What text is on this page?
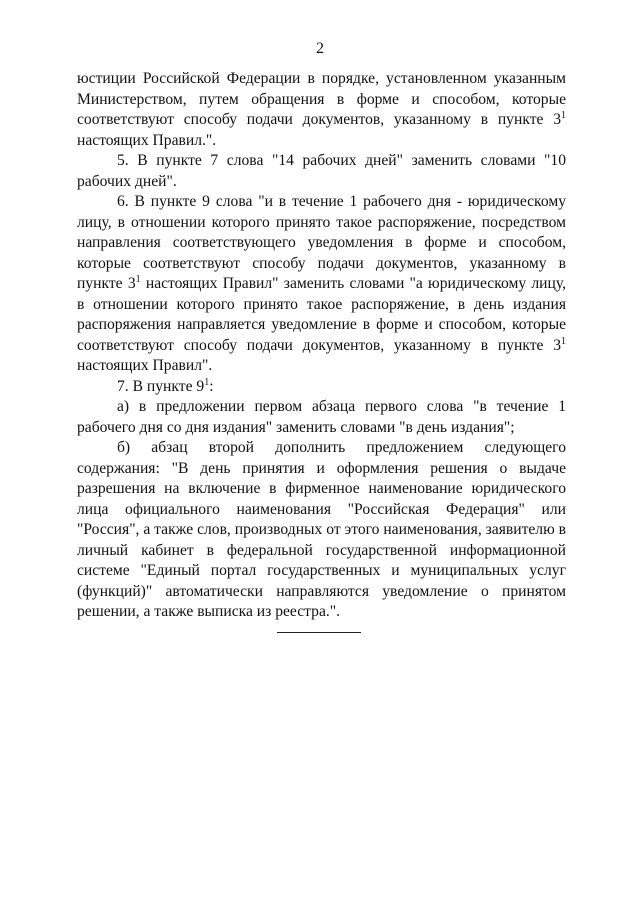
2

юстиции Российской Федерации в порядке, установленном указанным Министерством, путем обращения в форме и способом, которые соответствуют способу подачи документов, указанному в пункте $3^1$ настоящих Правил.".

5. В пункте 7 слова "14 рабочих дней" заменить словами "10 рабочих дней".

6. В пункте 9 слова "и в течение 1 рабочего дня - юридическому лицу, в отношении которого принято такое распоряжение, посредством направления соответствующего уведомления в форме и способом, которые соответствуют способу подачи документов, указанному в пункте $3^1$ настоящих Правил" заменить словами "а юридическому лицу, в отношении которого принято такое распоряжение, в день издания распоряжения направляется уведомление в форме и способом, которые соответствуют способу подачи документов, указанному в пункте $3^1$ настоящих Правил".

7. В пункте $9^1$:

а) в предложении первом абзаца первого слова "в течение 1 рабочего дня со дня издания" заменить словами "в день издания";

б) абзац второй дополнить предложением следующего содержания: "В день принятия и оформления решения о выдаче разрешения на включение в фирменное наименование юридического лица официального наименования "Российская Федерация" или "Россия", а также слов, производных от этого наименования, заявителю в личный кабинет в федеральной государственной информационной системе "Единый портал государственных и муниципальных услуг (функций)" автоматически направляются уведомление о принятом решении, а также выписка из реестра.".
